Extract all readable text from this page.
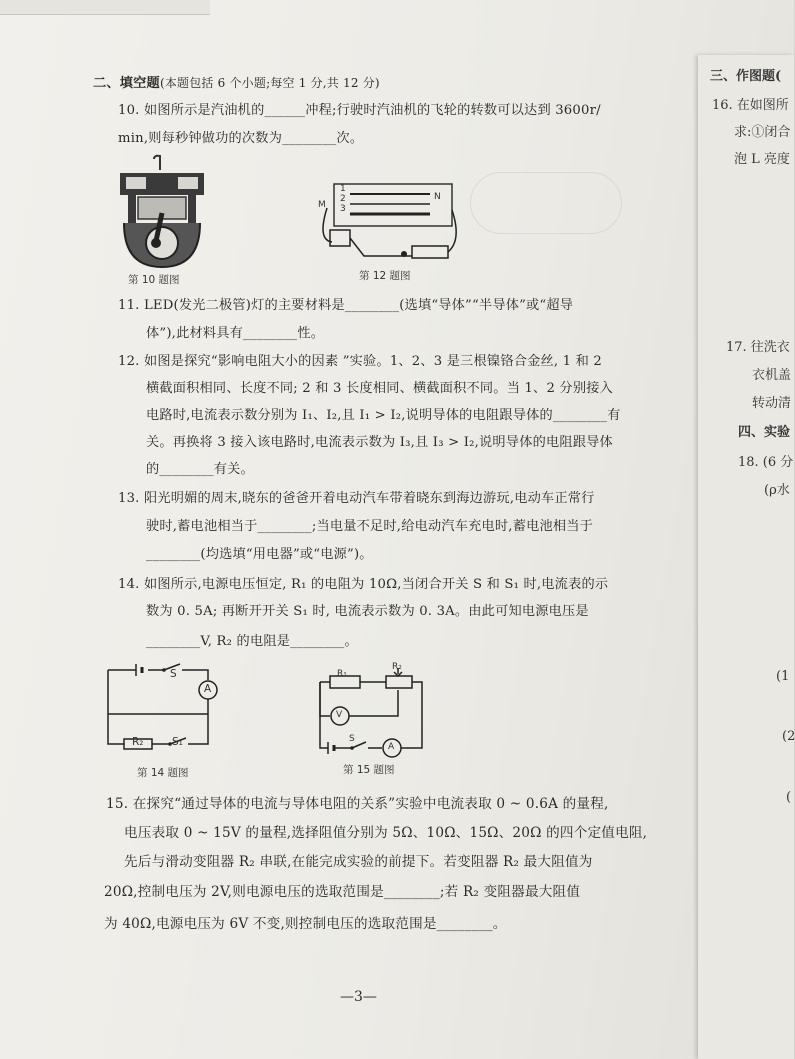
二、填空题(本题包括 6 个小题;每空 1 分,共 12 分)
10. 如图所示是汽油机的______冲程;行驶时汽油机的飞轮的转数可以达到 3600r/
min,则每秒钟做功的次数为________次。
第 10 题图
1
2
3
M
N
第 12 题图
11. LED(发光二极管)灯的主要材料是________(选填“导体”“半导体”或“超导
体”),此材料具有________性。
12. 如图是探究“影响电阻大小的因素 ”实验。1、2、3 是三根镍铬合金丝, 1 和 2
横截面积相同、长度不同; 2 和 3 长度相同、横截面积不同。当 1、2 分别接入
电路时,电流表示数分别为 I₁、I₂,且 I₁ > I₂,说明导体的电阻跟导体的________有
关。再换将 3 接入该电路时,电流表示数为 I₃,且 I₃ > I₂,说明导体的电阻跟导体
的________有关。
13. 阳光明媚的周末,晓东的爸爸开着电动汽车带着晓东到海边游玩,电动车正常行
驶时,蓄电池相当于________;当电量不足时,给电动汽车充电时,蓄电池相当于
________(均选填“用电器”或“电源”)。
14. 如图所示,电源电压恒定, R₁ 的电阻为 10Ω,当闭合开关 S 和 S₁ 时,电流表的示
数为 0. 5A; 再断开开关 S₁ 时, 电流表示数为 0. 3A。由此可知电源电压是
________V, R₂ 的电阻是________。
S
A
R₂	S₁
第 14 题图
R₁
R₂
V
S
A
第 15 题图
15. 在探究“通过导体的电流与导体电阻的关系”实验中电流表取 0 ~ 0.6A 的量程,
电压表取 0 ~ 15V 的量程,选择阻值分别为 5Ω、10Ω、15Ω、20Ω 的四个定值电阻,
先后与滑动变阻器 R₂ 串联,在能完成实验的前提下。若变阻器 R₂ 最大阻值为
20Ω,控制电压为 2V,则电源电压的选取范围是________;若 R₂ 变阻器最大阻值
为 40Ω,电源电压为 6V 不变,则控制电压的选取范围是________。
—3—
三、作图题(
16. 在如图所
求:①闭合
泡 L 亮度
17. 往洗衣
衣机盖
转动清
四、实验
18. (6 分
(ρ水
(1
(2
(
